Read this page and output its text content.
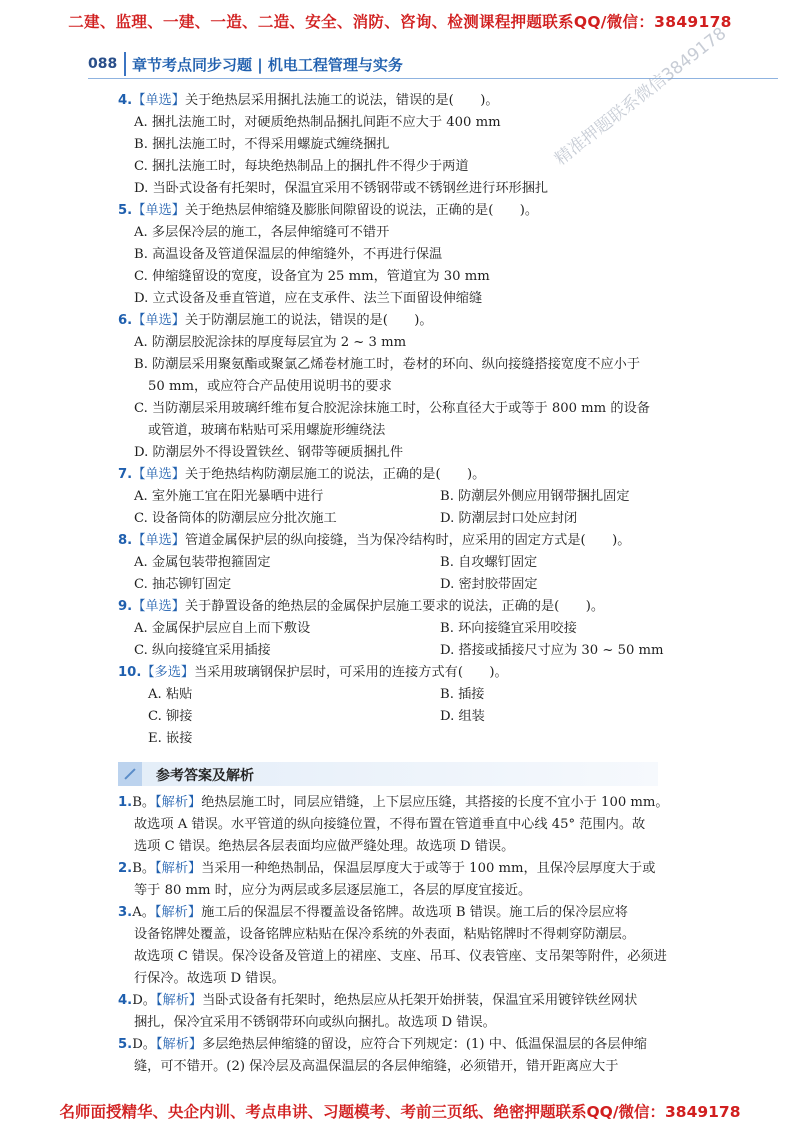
二建、监理、一建、一造、二造、安全、消防、咨询、检测课程押题联系QQ/微信：3849178
088 章节考点同步习题 | 机电工程管理与实务	精准押题联系微信3849178
4.【单选】关于绝热层采用捆扎法施工的说法，错误的是(　　)。
A. 捆扎法施工时，对硬质绝热制品捆扎间距不应大于 400 mm
B. 捆扎法施工时，不得采用螺旋式缠绕捆扎
C. 捆扎法施工时，每块绝热制品上的捆扎件不得少于两道
D. 当卧式设备有托架时，保温宜采用不锈钢带或不锈钢丝进行环形捆扎
5.【单选】关于绝热层伸缩缝及膨胀间隙留设的说法，正确的是(　　)。
A. 多层保冷层的施工，各层伸缩缝可不错开
B. 高温设备及管道保温层的伸缩缝外，不再进行保温
C. 伸缩缝留设的宽度，设备宜为 25 mm，管道宜为 30 mm
D. 立式设备及垂直管道，应在支承件、法兰下面留设伸缩缝
6.【单选】关于防潮层施工的说法，错误的是(　　)。
A. 防潮层胶泥涂抹的厚度每层宜为 2 ~ 3 mm
B. 防潮层采用聚氨酯或聚氯乙烯卷材施工时，卷材的环向、纵向接缝搭接宽度不应小于
50 mm，或应符合产品使用说明书的要求
C. 当防潮层采用玻璃纤维布复合胶泥涂抹施工时，公称直径大于或等于 800 mm 的设备
或管道，玻璃布粘贴可采用螺旋形缠绕法
D. 防潮层外不得设置铁丝、钢带等硬质捆扎件
7.【单选】关于绝热结构防潮层施工的说法，正确的是(　　)。
A. 室外施工宜在阳光暴晒中进行	B. 防潮层外侧应用钢带捆扎固定
C. 设备筒体的防潮层应分批次施工	D. 防潮层封口处应封闭
8.【单选】管道金属保护层的纵向接缝，当为保冷结构时，应采用的固定方式是(　　)。
A. 金属包装带抱箍固定	B. 自攻螺钉固定
C. 抽芯铆钉固定	D. 密封胶带固定
9.【单选】关于静置设备的绝热层的金属保护层施工要求的说法，正确的是(　　)。
A. 金属保护层应自上而下敷设	B. 环向接缝宜采用咬接
C. 纵向接缝宜采用插接	D. 搭接或插接尺寸应为 30 ~ 50 mm
10.【多选】当采用玻璃钢保护层时，可采用的连接方式有(　　)。
A. 粘贴	B. 插接
C. 铆接	D. 组装
E. 嵌接
参考答案及解析
1.B。【解析】绝热层施工时，同层应错缝，上下层应压缝，其搭接的长度不宜小于 100 mm。
故选项 A 错误。水平管道的纵向接缝位置，不得布置在管道垂直中心线 45° 范围内。故
选项 C 错误。绝热层各层表面均应做严缝处理。故选项 D 错误。
2.B。【解析】当采用一种绝热制品，保温层厚度大于或等于 100 mm，且保冷层厚度大于或
等于 80 mm 时，应分为两层或多层逐层施工，各层的厚度宜接近。
3.A。【解析】施工后的保温层不得覆盖设备铭牌。故选项 B 错误。施工后的保冷层应将
设备铭牌处覆盖，设备铭牌应粘贴在保冷系统的外表面，粘贴铭牌时不得刺穿防潮层。
故选项 C 错误。保冷设备及管道上的裙座、支座、吊耳、仪表管座、支吊架等附件，必须进
行保冷。故选项 D 错误。
4.D。【解析】当卧式设备有托架时，绝热层应从托架开始拼装，保温宜采用镀锌铁丝网状
捆扎，保冷宜采用不锈钢带环向或纵向捆扎。故选项 D 错误。
5.D。【解析】多层绝热层伸缩缝的留设，应符合下列规定：(1) 中、低温保温层的各层伸缩
缝，可不错开。(2) 保冷层及高温保温层的各层伸缩缝，必须错开，错开距离应大于
名师面授精华、央企内训、考点串讲、习题模考、考前三页纸、绝密押题联系QQ/微信：3849178
